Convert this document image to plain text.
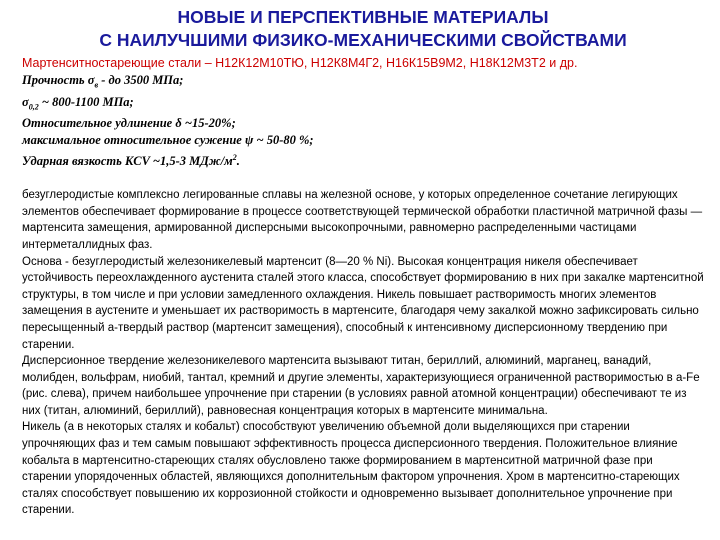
НОВЫЕ И ПЕРСПЕКТИВНЫЕ МАТЕРИАЛЫ
С НАИЛУЧШИМИ ФИЗИКО-МЕХАНИЧЕСКИМИ СВОЙСТВАМИ
Мартенситностареющие стали – Н12К12М10ТЮ, Н12К8М4Г2, Н16К15В9М2, Н18К12М3Т2 и др.
Прочность $\sigma_в$ - до 3500 МПа;
$\sigma_{0,2}$ ~ 800-1100 МПа;
Относительное удлинение δ ~15-20%;
максимальное относительное сужение ψ ~ 50-80 %;
Ударная вязкость KCV ~1,5-3 МДж/$м^2$.

безуглеродистые комплексно легированные сплавы на железной основе, у которых определенное сочетание легирующих элементов обеспечивает формирование в процессе соответствующей термической обработки пластичной матричной фазы — мартенсита замещения, армированной дисперсными высокопрочными, равномерно распределенными частицами интерметаллидных фаз.

Основа - безуглеродистый железоникелевый мартенсит (8—20 % Ni). Высокая концентрация никеля обеспечивает устойчивость переохлажденного аустенита сталей этого класса, способствует формированию в них при закалке мартенситной структуры, в том числе и при условии замедленного охлаждения. Никель повышает растворимость многих элементов замещения в аустените и уменьшает их растворимость в мартенсите, благодаря чему закалкой можно зафиксировать сильно пересыщенный а-твердый раствор (мартенсит замещения), способный к интенсивному дисперсионному твердению при старении.

Дисперсионное твердение железоникелевого мартенсита вызывают титан, бериллий, алюминий, марганец, ванадий, молибден, вольфрам, ниобий, тантал, кремний и другие элементы, характеризующиеся ограниченной растворимостью в а-Fe (рис. слева), причем наибольшее упрочнение при старении (в условиях равной атомной концентрации) обеспечивают те из них (титан, алюминий, бериллий), равновесная концентрация которых в мартенсите минимальна.

Никель (а в некоторых сталях и кобальт) способствуют увеличению объемной доли выделяющихся при старении упрочняющих фаз и тем самым повышают эффективность процесса дисперсионного твердения. Положительное влияние кобальта в мартенситно-стареющих сталях обусловлено также формированием в мартенситной матричной фазе при старении упорядоченных областей, являющихся дополнительным фактором упрочнения. Хром в мартенситно-стареющих сталях способствует повышению их коррозионной стойкости и одновременно вызывает дополнительное упрочнение при старении.
